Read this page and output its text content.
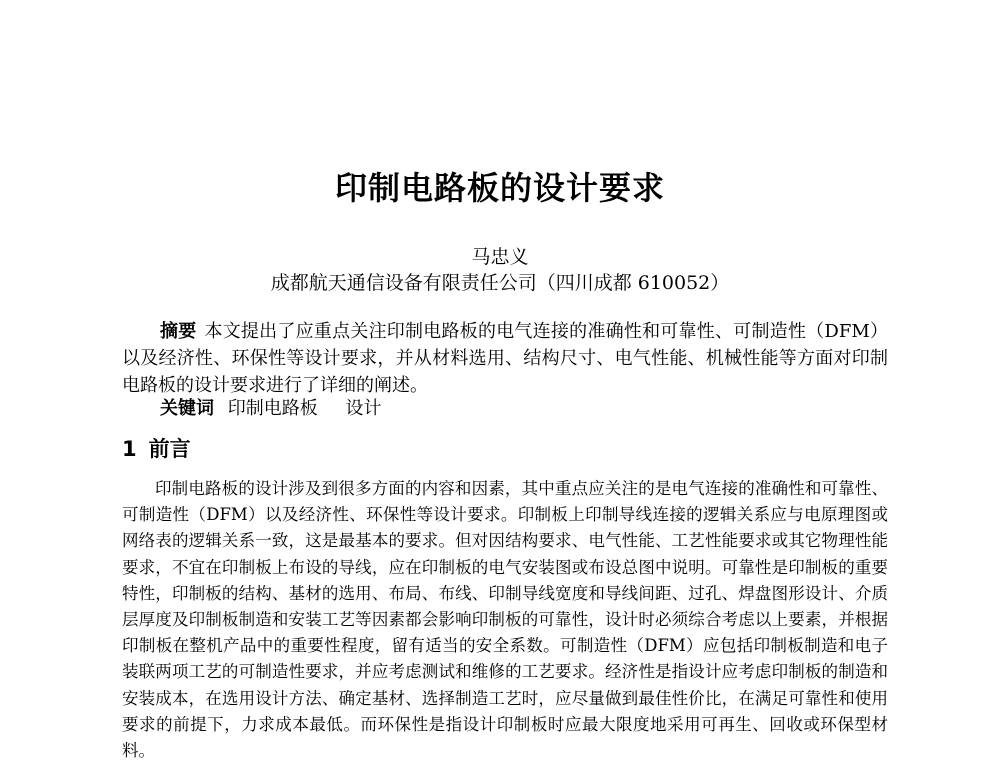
印制电路板的设计要求
马忠义
成都航天通信设备有限责任公司（四川成都 610052）

摘要 本文提出了应重点关注印制电路板的电气连接的准确性和可靠性、可制造性（DFM）以及经济性、环保性等设计要求，并从材料选用、结构尺寸、电气性能、机械性能等方面对印制电路板的设计要求进行了详细的阐述。

关键词 印制电路板 设计
1 前言

印制电路板的设计涉及到很多方面的内容和因素，其中重点应关注的是电气连接的准确性和可靠性、可制造性（DFM）以及经济性、环保性等设计要求。印制板上印制导线连接的逻辑关系应与电原理图或网络表的逻辑关系一致，这是最基本的要求。但对因结构要求、电气性能、工艺性能要求或其它物理性能要求，不宜在印制板上布设的导线，应在印制板的电气安装图或布设总图中说明。可靠性是印制板的重要特性，印制板的结构、基材的选用、布局、布线、印制导线宽度和导线间距、过孔、焊盘图形设计、介质层厚度及印制板制造和安装工艺等因素都会影响印制板的可靠性，设计时必须综合考虑以上要素，并根据印制板在整机产品中的重要性程度，留有适当的安全系数。可制造性（DFM）应包括印制板制造和电子装联两项工艺的可制造性要求，并应考虑测试和维修的工艺要求。经济性是指设计应考虑印制板的制造和安装成本，在选用设计方法、确定基材、选择制造工艺时，应尽量做到最佳性价比，在满足可靠性和使用要求的前提下，力求成本最低。而环保性是指设计印制板时应最大限度地采用可再生、回收或环保型材料。
